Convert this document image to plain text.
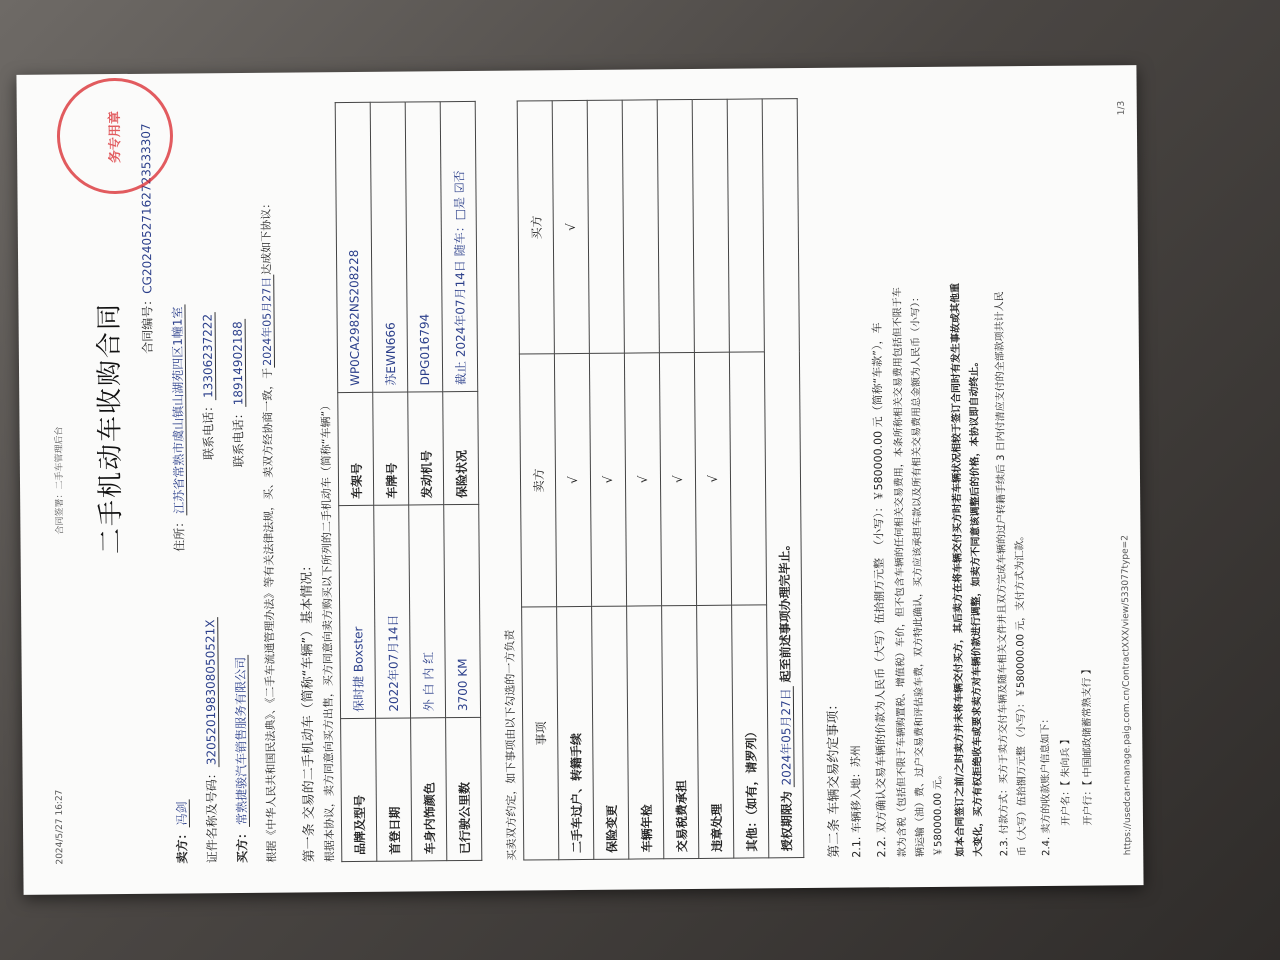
合同签署：二手车管理后台
2024/5/27 16:27
二手机动车收购合同 合同编号：CG20240527162723533307
卖方：冯剑  住所：江苏省常熟市虞山镇山湖苑四区1幢1室
证件名称及号码：320520198308050521X  联系电话：13306237222
买方：常熟捷骏汽车销售服务有限公司  联系电话：18914902188
根据《中华人民共和国民法典》、《二手车流通管理办法》等有关法律法规，买、卖双方经协商一致，于2024年05月27日达成如下协议：
第一条 交易的二手机动车（简称“车辆”）基本情况： 根据本协议，卖方同意向买方出售，买方同意向卖方购买以下所列的二手机动车（简称“车辆”） 品牌及型号	保时捷 Boxster	车架号	WP0CA2982NS208228
首登日期	2022年07月14日	车牌号	苏EWN666
车身内饰颜色	外 白 内 红	发动机号	DPG016794
已行驶公里数	3700 KM	保险状况	截止 2024年07月14日 随车：□是 ☑否
买卖双方约定，如下事项由以下勾选的一方负责 事项	卖方	买方
二手车过户、转籍手续	√	√
保险变更	√	
车辆年检	√	
交易税费承担	√	
违章处理	√	
其他：（如有，请罗列）		
授权期限为 2024年05月27日 起至前述事项办理完毕止。		
第二条 车辆交易约定事项： 2.1. 车辆移入地：苏州 2.2. 双方确认交易车辆的价款为人民币（大写）伍拾捌万元整  （小写）：￥580000.00 元（简称“车款”），车 款为含税（包括但不限于车辆购置税、增值税）车价，但不包含车辆的任何相关交易费用，本条所称相关交易费用包括但不限于车 辆运输（油）费、过户交易费和评估验车费，双方特此确认，买方应该承担车款以及所有相关交易费用总金额为人民币（小写）： ￥580000.00 元。 如本合同签订之前/之时卖方并未将车辆交付买方，其后卖方在将车辆交付买方时若车辆状况相较于签订合同时有发生事故或其他重 大变化，买方有权拒绝收车或要求卖方对车辆价款进行调整，如卖方不同意该调整后的价格，本协议即自动终止。	2.3. 付款方式：买方于卖方交付车辆及随车相关文件并且双方完成车辆的过户转籍手续后 3 日内付清应支付的全部款项共计人民 币（大写）伍拾捌万元整 （小写）：￥580000.00 元，支付方式为汇款。	2.4. 卖方的收款账户信息如下： 开户名：【 朱向兵 】 开户行：【 中国邮政储蓄常熟支行 】	https://usedcar-manage.paig.com.cn/ContractXXX/view/533077type=2
1/3
务专用章
